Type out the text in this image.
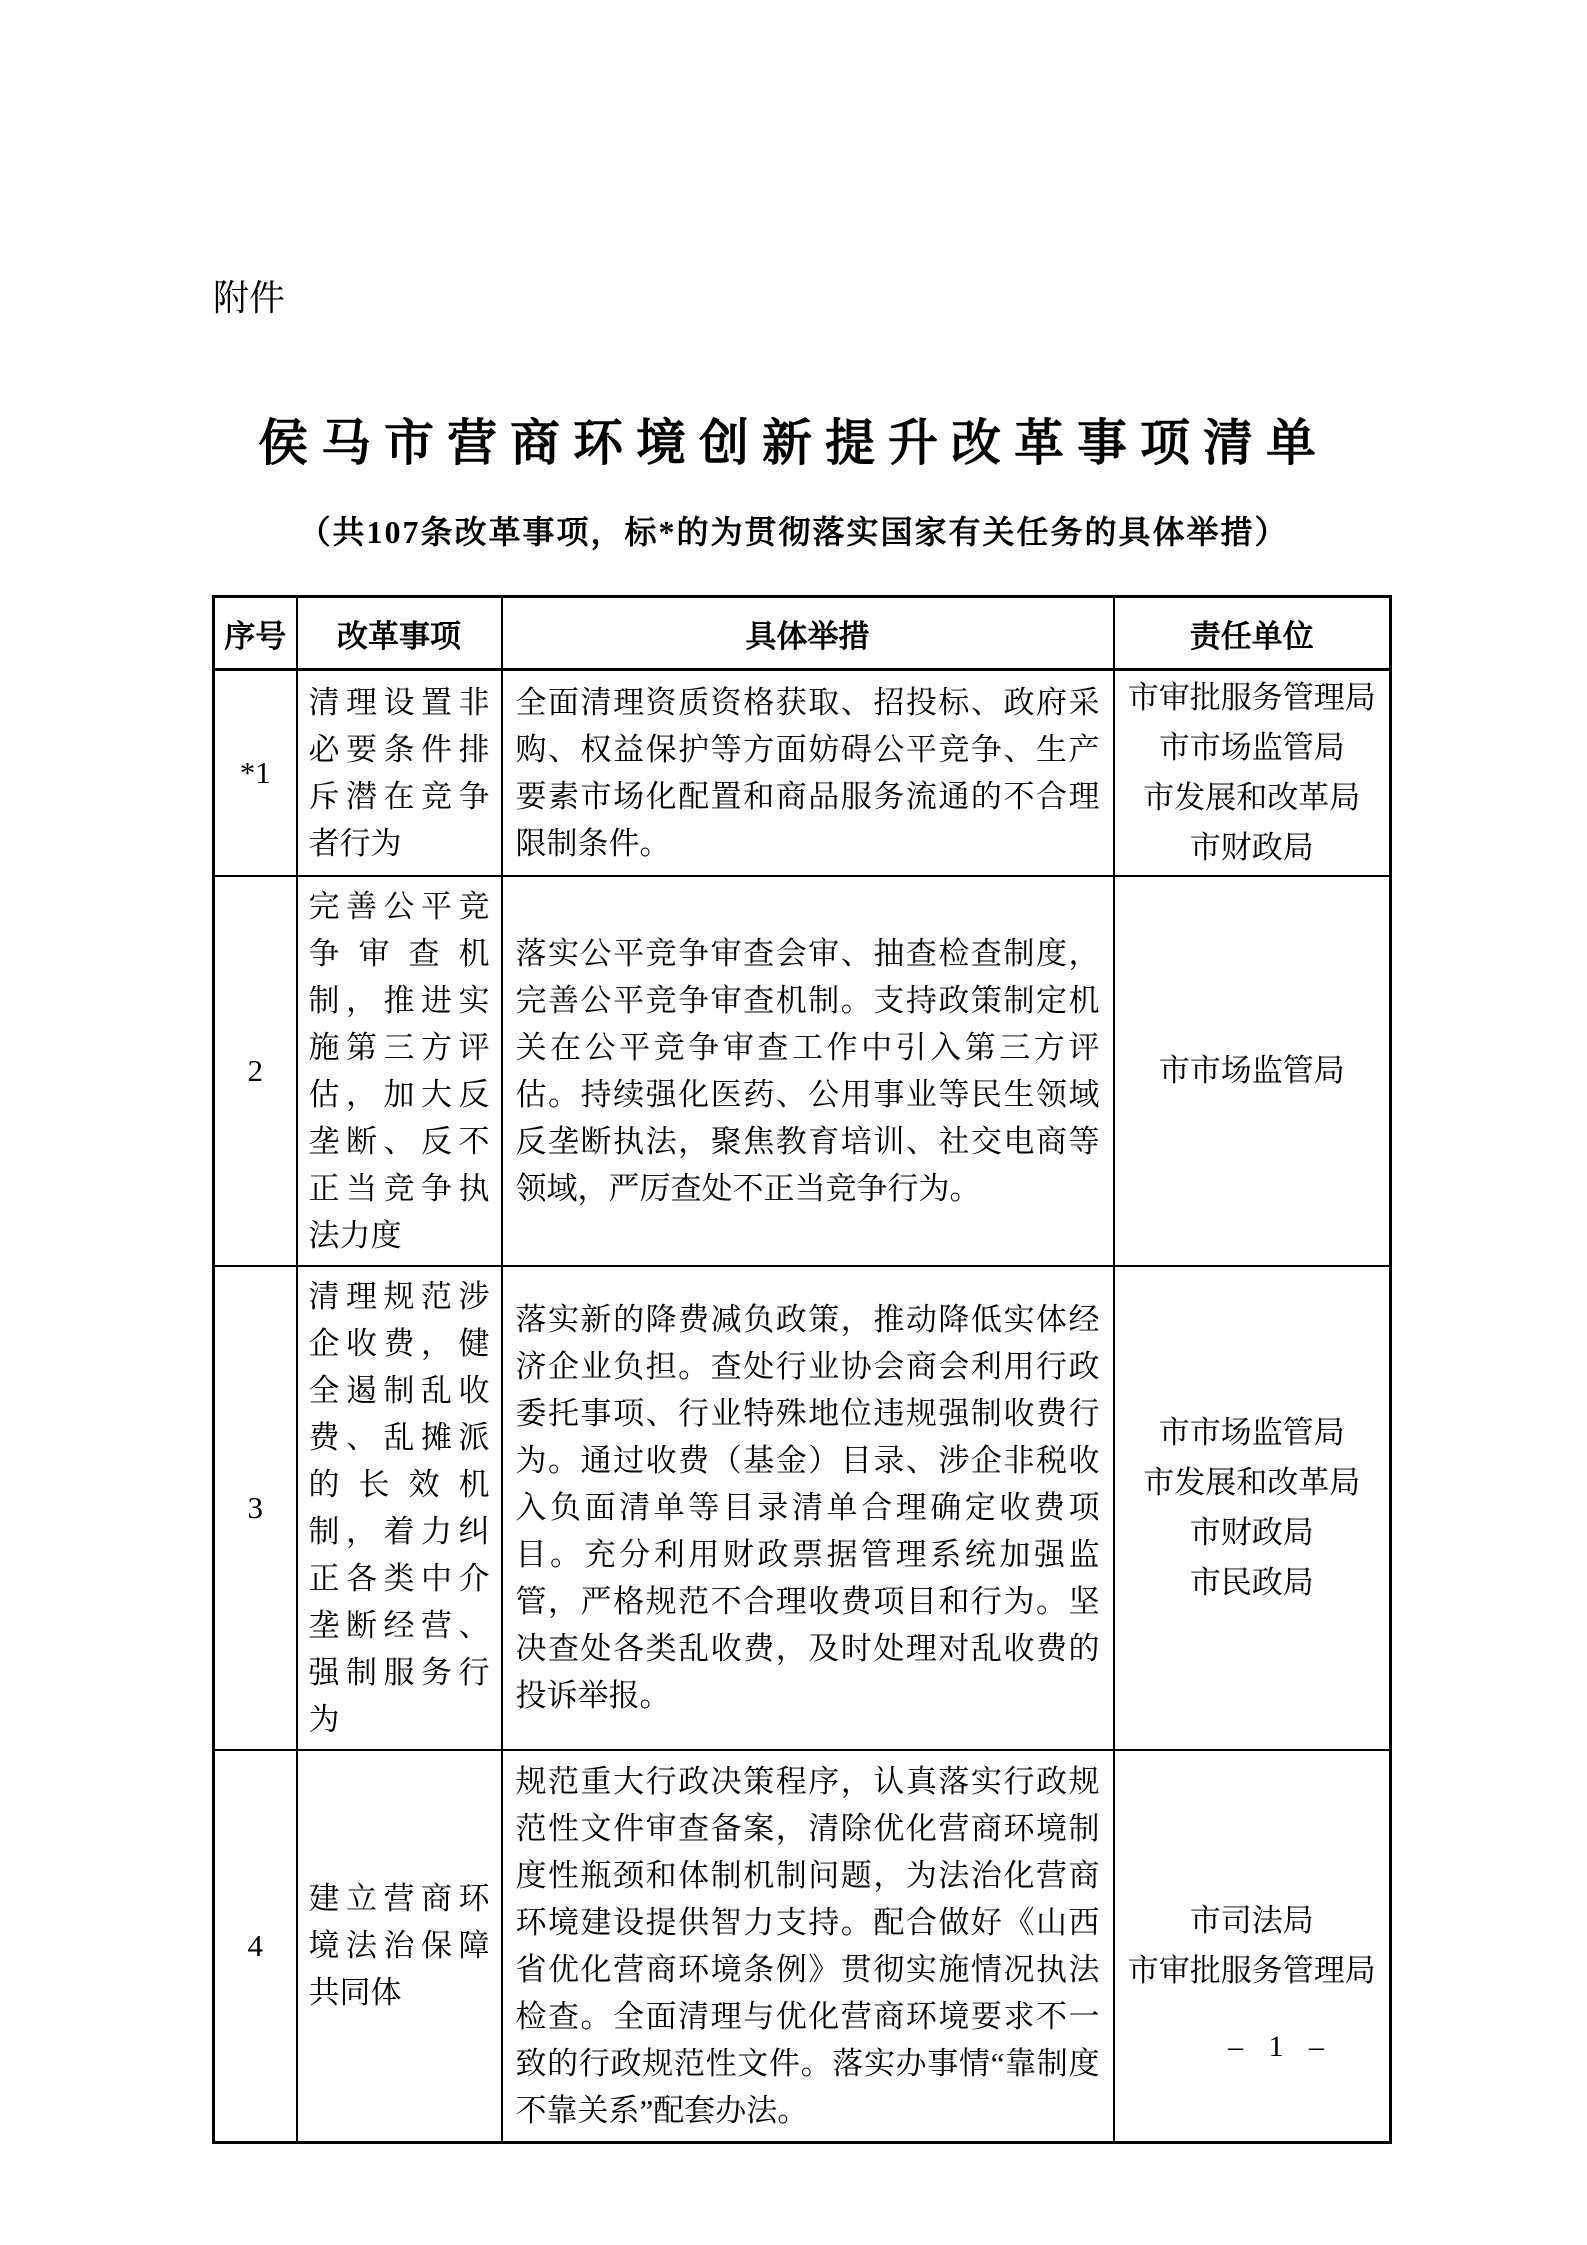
附件
侯马市营商环境创新提升改革事项清单
（共107条改革事项，标*的为贯彻落实国家有关任务的具体举措）
序号	改革事项	具体举措	责任单位
*1	清理设置非必要条件排斥潜在竞争者行为	全面清理资质资格获取、招投标、政府采购、权益保护等方面妨碍公平竞争、生产要素市场化配置和商品服务流通的不合理限制条件。	市审批服务管理局
市市场监管局
市发展和改革局
市财政局

2	完善公平竞争审查机制，推进实施第三方评估，加大反垄断、反不正当竞争执法力度	落实公平竞争审查会审、抽查检查制度，完善公平竞争审查机制。支持政策制定机关在公平竞争审查工作中引入第三方评估。持续强化医药、公用事业等民生领域反垄断执法，聚焦教育培训、社交电商等领域，严厉查处不正当竞争行为。	市市场监管局

3	清理规范涉企收费，健全遏制乱收费、乱摊派的长效机制，着力纠正各类中介垄断经营、强制服务行为	落实新的降费减负政策，推动降低实体经济企业负担。查处行业协会商会利用行政委托事项、行业特殊地位违规强制收费行为。通过收费（基金）目录、涉企非税收入负面清单等目录清单合理确定收费项目。充分利用财政票据管理系统加强监管，严格规范不合理收费项目和行为。坚决查处各类乱收费，及时处理对乱收费的投诉举报。	市市场监管局
市发展和改革局
市财政局
市民政局

4	建立营商环境法治保障共同体	规范重大行政决策程序，认真落实行政规范性文件审查备案，清除优化营商环境制度性瓶颈和体制机制问题，为法治化营商环境建设提供智力支持。配合做好《山西省优化营商环境条例》贯彻实施情况执法检查。全面清理与优化营商环境要求不一致的行政规范性文件。落实办事情“靠制度不靠关系”配套办法。	市司法局
市审批服务管理局
– 1 –
